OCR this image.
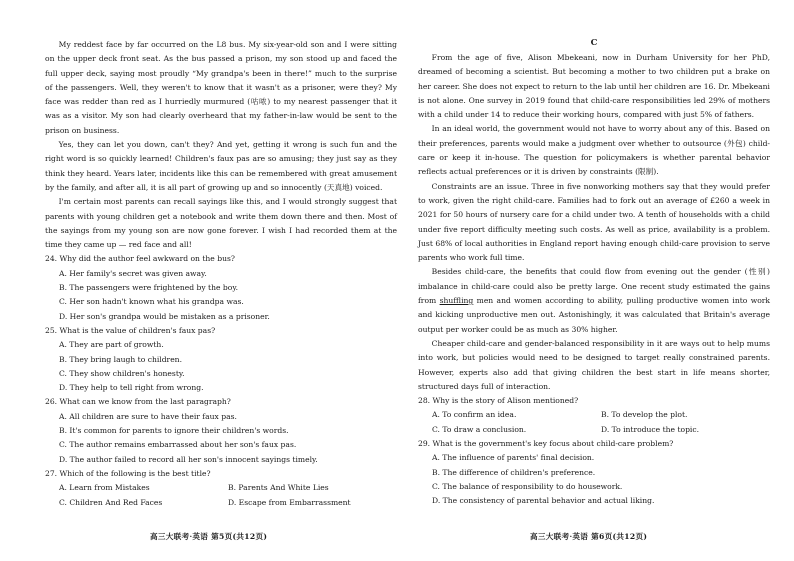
My reddest face by far occurred on the L8 bus. My six-year-old son and I were sitting on the upper deck front seat. As the bus passed a prison, my son stood up and faced the full upper deck, saying most proudly “My grandpa's been in there!” much to the surprise of the passengers. Well, they weren't to know that it wasn't as a prisoner, were they? My face was redder than red as I hurriedly murmured (咕哝) to my nearest passenger that it was as a visitor. My son had clearly overheard that my father-in-law would be sent to the prison on business.

Yes, they can let you down, can't they? And yet, getting it wrong is such fun and the right word is so quickly learned! Children's faux pas are so amusing; they just say as they think they heard. Years later, incidents like this can be remembered with great amusement by the family, and after all, it is all part of growing up and so innocently (天真地) voiced.

I'm certain most parents can recall sayings like this, and I would strongly suggest that parents with young children get a notebook and write them down there and then. Most of the sayings from my young son are now gone forever. I wish I had recorded them at the time they came up — red face and all!

24. Why did the author feel awkward on the bus?

A. Her family's secret was given away.

B. The passengers were frightened by the boy.

C. Her son hadn't known what his grandpa was.

D. Her son's grandpa would be mistaken as a prisoner.

25. What is the value of children's faux pas?

A. They are part of growth.

B. They bring laugh to children.

C. They show children's honesty.

D. They help to tell right from wrong.

26. What can we know from the last paragraph?

A. All children are sure to have their faux pas.

B. It's common for parents to ignore their children's words.

C. The author remains embarrassed about her son's faux pas.

D. The author failed to record all her son's innocent sayings timely.

27. Which of the following is the best title?

A. Learn from Mistakes	B. Parents And White Lies
C. Children And Red Faces	D. Escape from Embarrassment
C

From the age of five, Alison Mbekeani, now in Durham University for her PhD, dreamed of becoming a scientist. But becoming a mother to two children put a brake on her career. She does not expect to return to the lab until her children are 16. Dr. Mbekeani is not alone. One survey in 2019 found that child-care responsibilities led 29% of mothers with a child under 14 to reduce their working hours, compared with just 5% of fathers.

In an ideal world, the government would not have to worry about any of this. Based on their preferences, parents would make a judgment over whether to outsource (外包) child-care or keep it in-house. The question for policymakers is whether parental behavior reflects actual preferences or it is driven by constraints (限制).

Constraints are an issue. Three in five nonworking mothers say that they would prefer to work, given the right child-care. Families had to fork out an average of £260 a week in 2021 for 50 hours of nursery care for a child under two. A tenth of households with a child under five report difficulty meeting such costs. As well as price, availability is a problem. Just 68% of local authorities in England report having enough child-care provision to serve parents who work full time.

Besides child-care, the benefits that could flow from evening out the gender (性别) imbalance in child-care could also be pretty large. One recent study estimated the gains from shuffling men and women according to ability, pulling productive women into work and kicking unproductive men out. Astonishingly, it was calculated that Britain's average output per worker could be as much as 30% higher.

Cheaper child-care and gender-balanced responsibility in it are ways out to help mums into work, but policies would need to be designed to target really constrained parents. However, experts also add that giving children the best start in life means shorter, structured days full of interaction.

28. Why is the story of Alison mentioned?

A. To confirm an idea.	B. To develop the plot.
C. To draw a conclusion.	D. To introduce the topic.

29. What is the government's key focus about child-care problem?

A. The influence of parents' final decision.

B. The difference of children's preference.

C. The balance of responsibility to do housework.

D. The consistency of parental behavior and actual liking.

高三大联考·英语 第5页(共12页)	高三大联考·英语 第6页(共12页)
